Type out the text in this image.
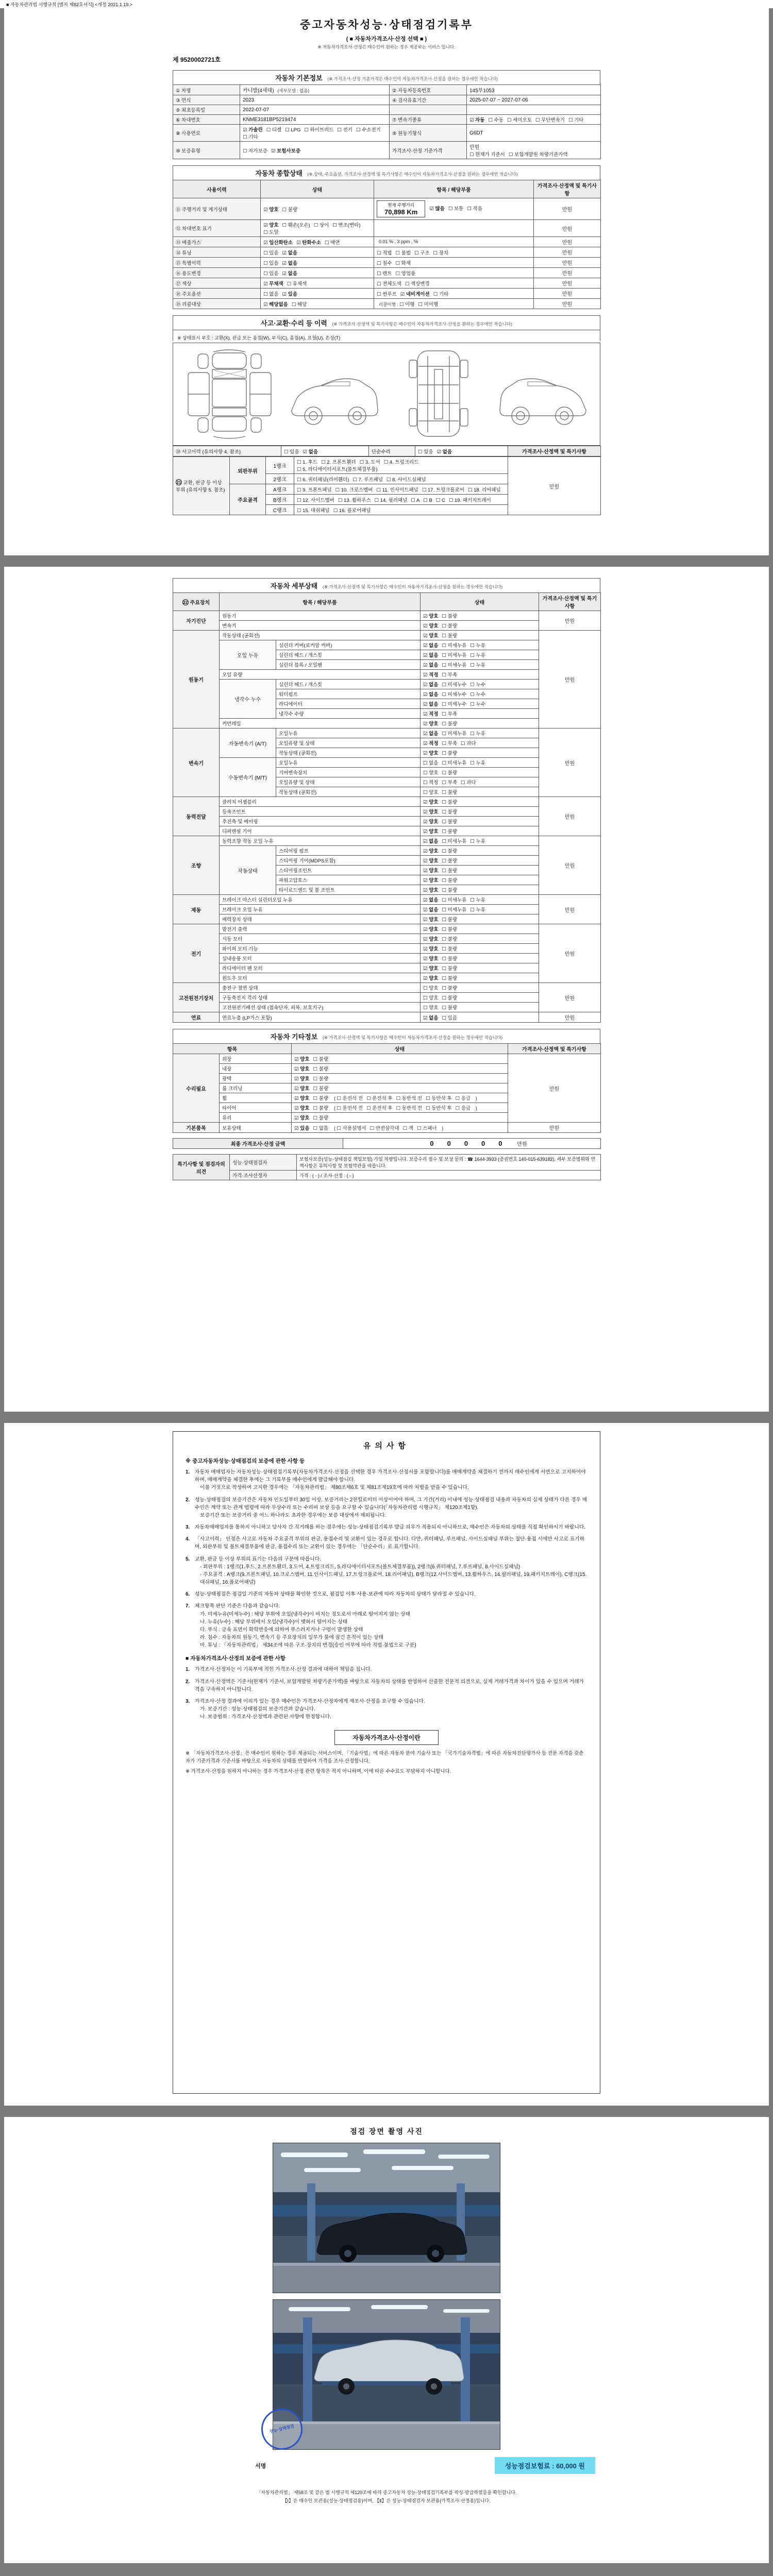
■ 자동차관리법 시행규칙 [별지 제82호서식] <개정 2021.1.19.>
중고자동차성능·상태점검기록부
( ■ 자동차가격조사·산정 선택 ■ )
※ 자동차가격조사·산정은 매수인이 원하는 경우 제공하는 서비스 입니다.
제 9520002721호
자동차 기본정보 (※ 가격조사·산정 기준가격은 매수인이 자동차가격조사·산정을 원하는 경우에만 적습니다)
① 차명	카니발(4세대) (세부모델 : 없음)	② 자동차등록번호	145부1053
③ 연식	2023	④ 검사유효기간	2025-07-07 ~ 2027-07-06
⑤ 최초등록일	2022-07-07		
⑥ 차대번호	KNME3181BP5219474	⑦ 변속기종류	☑ 자동 ☐ 수동 ☐ 세미오토 ☐ 무단변속기 ☐ 기타
⑧ 사용연료	☑ 가솔린 ☐ 디젤 ☐ LPG ☐ 하이브리드 ☐ 전기 ☐ 수소전기☐ 기타	⑨ 원동기형식	G6DT
⑩ 보증유형	☐ 자가보증 ☑ 보험사보증	가격조사·산정 기준가격	만원
☐ 현재가 기준서 ☐ 보험개발원 차량기준가액
자동차 종합상태 (※ 상태, 주요옵션, 가격조사·산정액 및 특기사항은 매수인이 자동차가격조사·산정을 원하는 경우에만 적습니다)
사용이력	상태	항목 / 해당부품	가격조사·산정액 및 특기사항
⑪ 주행거리 및 계기상태	☑ 양호 ☐ 불량	현재 주행거리
70,898 Km ☑ 많음 ☐ 보통 ☐ 적음	만원
⑫ 차대번호 표기	☑ 양호 ☐ 훼손(오손) ☐ 상이 ☐ 변조(변타)☐ 도말		만원
⑬ 배출가스	☑ 일산화탄소 ☑ 탄화수소 ☐ 매연	0.01 % , 3 ppm , %	만원
⑭ 튜닝	☐ 있음 ☑ 없음	☐ 적법 ☐ 불법 ☐ 구조 ☐ 장치	만원
⑮ 특별이력	☐ 있음 ☑ 없음	☐ 침수 ☐ 화재	만원
⑯ 용도변경	☐ 있음 ☑ 없음	☐ 렌트 ☐ 영업용	만원
⑰ 색상	☑ 무채색 ☐ 유채색	☐ 전체도색 ☐ 색상변경	만원
⑱ 주요옵션	☐ 없음 ☑ 있음	☐ 썬루프 ☑ 네비게이션 ☐ 기타	만원
⑲ 리콜대상	☑ 해당없음 ☐ 해당	리콜이행 : ☐ 이행 ☐ 미이행	만원
사고·교환·수리 등 이력 (※ 가격조사·산정액 및 특기사항은 매수인이 자동차가격조사·산정을 원하는 경우에만 적습니다)
※ 상태표시 부호 : 교환(X), 판금 또는 용접(W), 부식(C), 흠집(A), 요철(U), 손상(T)
⑳ 사고이력 (유의사항 4. 참조)	☐ 있음 ☑ 없음	단순수리	☐ 있음 ☑ 없음	가격조사·산정액 및 특기사항
21 교환, 판금 등 이상 부위 (유의사항 5. 참조)	외판부위	1랭크	☐ 1. 후드 ☐ 2. 프론트휀더 ☐ 3. 도어 ☐ 4. 트렁크리드☐ 5. 라디에이터서포트(볼트체결부품)	만원
		2랭크	☐ 6. 쿼터패널(리어휀더) ☐ 7. 루프패널 ☐ 8. 사이드실패널	
	주요골격	A랭크	☐ 9. 프론트패널 ☐ 10. 크로스멤버 ☐ 11. 인사이드패널 ☐ 17. 트렁크플로어 ☐ 18. 리어패널	
		B랭크	☐ 12. 사이드멤버 ☐ 13. 휠하우스 ☐ 14. 필러패널 ☐ A ☐ B ☐ C ☐ 19. 패키지트레이	
		C랭크	☐ 15. 대쉬패널 ☐ 16. 플로어패널	
자동차 세부상태 (※ 가격조사·산정액 및 특기사항은 매수인이 자동차가격조사·산정을 원하는 경우에만 적습니다)
22 주요장치	항목 / 해당부품		상태	가격조사·산정액 및 특기사항
자기진단	원동기		☑ 양호 ☐ 불량	만원
	변속기		☑ 양호 ☐ 불량	
원동기	작동상태 (공회전)		☑ 양호 ☐ 불량	만원
	오일 누유	실린더 커버(로커암 커버)	☑ 없음 ☐ 미세누유 ☐ 누유	
		실린더 헤드 / 개스킷	☑ 없음 ☐ 미세누유 ☐ 누유	
		실린더 블록 / 오일팬	☑ 없음 ☐ 미세누유 ☐ 누유	
	오일 유량		☑ 적정 ☐ 부족	
	냉각수 누수	실린더 헤드 / 개스킷	☑ 없음 ☐ 미세누수 ☐ 누수	
		워터펌프	☑ 없음 ☐ 미세누수 ☐ 누수	
		라디에이터	☑ 없음 ☐ 미세누수 ☐ 누수	
		냉각수 수량	☑ 적정 ☐ 부족	
	커먼레일		☑ 양호 ☐ 불량	
변속기	자동변속기 (A/T)	오일누유	☑ 없음 ☐ 미세누유 ☐ 누유	만원
		오일유량 및 상태	☑ 적정 ☐ 부족 ☐ 과다	
		작동상태 (공회전)	☑ 양호 ☐ 불량	
	수동변속기 (M/T)	오일누유	☐ 없음 ☐ 미세누유 ☐ 누유	
		기어변속장치	☐ 양호 ☐ 불량	
		오일유량 및 상태	☐ 적정 ☐ 부족 ☐ 과다	
		작동상태 (공회전)	☐ 양호 ☐ 불량	
동력전달	클러치 어셈블리		☑ 양호 ☐ 불량	만원
	등속조인트		☑ 양호 ☐ 불량	
	추진축 및 베어링		☑ 양호 ☐ 불량	
	디퍼렌셜 기어		☑ 양호 ☐ 불량	
조향	동력조향 작동 오일 누유		☑ 없음 ☐ 미세누유 ☐ 누유	만원
	작동상태	스티어링 펌프	☑ 양호 ☐ 불량	
		스티어링 기어(MDPS포함)	☑ 양호 ☐ 불량	
		스티어링조인트	☑ 양호 ☐ 불량	
		파워고압호스	☑ 양호 ☐ 불량	
		타이로드엔드 및 볼 조인트	☑ 양호 ☐ 불량	
제동	브레이크 마스터 실린더오일 누유		☑ 없음 ☐ 미세누유 ☐ 누유	만원
	브레이크 오일 누유		☑ 없음 ☐ 미세누유 ☐ 누유	
	배력장치 상태		☑ 양호 ☐ 불량	
전기	발전기 출력		☑ 양호 ☐ 불량	만원
	시동 모터		☑ 양호 ☐ 불량	
	와이퍼 모터 기능		☑ 양호 ☐ 불량	
	실내송풍 모터		☑ 양호 ☐ 불량	
	라디에이터 팬 모터		☑ 양호 ☐ 불량	
	윈도우 모터		☑ 양호 ☐ 불량	
고전원전기장치	충전구 절연 상태		☐ 양호 ☐ 불량	만원
	구동축전지 격리 상태		☐ 양호 ☐ 불량	
	고전원전기배선 상태 (접속단자, 피복, 보호기구)		☐ 양호 ☐ 불량	
연료	연료누출 (LP가스 포함)		☑ 없음 ☐ 있음	만원
자동차 기타정보 (※ 가격조사·산정액 및 특기사항은 매수인이 자동차가격조사·산정을 원하는 경우에만 적습니다)
항목		상태	가격조사·산정액 및 특기사항
수리필요	외장	☑ 양호 ☐ 불량	만원
	내장	☑ 양호 ☐ 불량	
	광택	☑ 양호 ☐ 불량	
	룸 크리닝	☑ 양호 ☐ 불량	
	휠	☑ 양호 ☐ 불량 ( ☐ 운전석 전 ☐ 운전석 후 ☐ 동반석 전 ☐ 동반석 후 ☐ 응급 )	
	타이어	☑ 양호 ☐ 불량 ( ☐ 운전석 전 ☐ 운전석 후 ☐ 동반석 전 ☐ 동반석 후 ☐ 응급 )	
	유리	☑ 양호 ☐ 불량	
기본품목	보유상태	☑ 있음 ☐ 없음 ( ☐ 사용설명서 ☐ 안전삼각대 ☐ 잭 ☐ 스패너 )	만원
최종 가격조사·산정 금액	00000 만원
특기사항 및 점검자의 의견	성능·상태점검자	보험사보증(성능·상태점검 책임보험) 가입 차량입니다. 보증수리 접수 및 보상 문의 : ☎ 1644-3933 (증권번호 140-015-639182). 세부 보증범위와 면책사항은 유의사항 및 보험약관을 따릅니다.
	가격·조사산정자	가격 : ( - ) / 조사·산정 : ( - )
유의사항
※ 중고자동차성능·상태점검의 보증에 관한 사항 등
1.	자동차 매매업자는 자동차성능·상태점검기록부(자동차가격조사·산정을 선택한 경우 가격조사·산정서를 포함합니다)를 매매계약을 체결하기 전까지 매수인에게 서면으로 고지하여야 하며, 매매계약을 체결한 후에는 그 기록부를 매수인에게 발급해야 합니다.
이를 거짓으로 작성하여 고지한 경우에는 「자동차관리법」 제80조제6호 및 제81조제19호에 따라 처벌을 받을 수 있습니다.
2.	성능·상태점검의 보증기간은 자동차 인도일부터 30일 이상, 보증거리는 2천킬로미터 이상이어야 하며, 그 기간(거리) 이내에 성능·상태점검 내용과 자동차의 실제 상태가 다른 경우 매수인은 계약 또는 관계 법령에 따라 무상수리 또는 수리비 보상 등을 요구할 수 있습니다(「자동차관리법 시행규칙」 제120조제1항).
보증기간 또는 보증거리 중 어느 하나라도 초과한 경우에는 보증 대상에서 제외됩니다.
3.	자동차매매업자를 통하지 아니하고 당사자 간 직거래를 하는 경우에는 성능·상태점검기록부 발급 의무가 적용되지 아니하므로, 매수인은 자동차의 상태를 직접 확인하시기 바랍니다.
4.	「사고이력」 인정은 사고로 자동차 주요골격 부위의 판금, 용접수리 및 교환이 있는 경우로 합니다. 다만, 쿼터패널, 루프패널, 사이드실패널 부위는 절단·용접 시에만 사고로 표기하며, 외판부위 및 볼트체결부품에 판금, 용접수리 또는 교환이 있는 경우에는 「단순수리」로 표기합니다.
5.	교환, 판금 등 이상 부위의 표기는 다음의 구분에 따릅니다.
- 외판부위 : 1랭크(1.후드, 2.프론트휀더, 3.도어, 4.트렁크리드, 5.라디에이터서포트(볼트체결부품)), 2랭크(6.쿼터패널, 7.루프패널, 8.사이드실패널)
- 주요골격 : A랭크(9.프론트패널, 10.크로스멤버, 11.인사이드패널, 17.트렁크플로어, 18.리어패널), B랭크(12.사이드멤버, 13.휠하우스, 14.필러패널, 19.패키지트레이), C랭크(15.대쉬패널, 16.플로어패널)
6.	성능·상태점검은 점검일 기준의 자동차 상태를 확인한 것으로, 점검일 이후 사용·보관에 따라 자동차의 상태가 달라질 수 있습니다.
7.	체크항목 판단 기준은 다음과 같습니다.
가. 미세누유(미세누수) : 해당 부위에 오일(냉각수)이 비치는 정도로서 아래로 떨어지지 않는 상태
나. 누유(누수) : 해당 부위에서 오일(냉각수)이 맺혀서 떨어지는 상태
다. 부식 : 금속 표면이 화학반응에 의하여 부스러지거나 구멍이 발생한 상태
라. 침수 : 자동차의 원동기, 변속기 등 주요장치의 일부가 물에 잠긴 흔적이 있는 상태
마. 튜닝 : 「자동차관리법」 제34조에 따른 구조·장치의 변경(승인 여부에 따라 적법·불법으로 구분)
■ 자동차가격조사·산정의 보증에 관한 사항
1.	가격조사·산정자는 이 기록부에 적힌 가격조사·산정 결과에 대하여 책임을 집니다.
2.	가격조사·산정액은 기준서(현재가 기준서, 보험개발원 차량기준가액)를 바탕으로 자동차의 상태를 반영하여 산출한 전문적 의견으로, 실제 거래가격과 차이가 있을 수 있으며 거래가격을 구속하지 아니합니다.
3.	가격조사·산정 결과에 이의가 있는 경우 매수인은 가격조사·산정자에게 재조사·산정을 요구할 수 있습니다.
가. 보증기간 : 성능·상태점검의 보증기간과 같습니다.
나. 보증범위 : 가격조사·산정액과 관련된 사항에 한정합니다.
자동차가격조사·산정이란
※ 「자동차가격조사·산정」은 매수인이 원하는 경우 제공되는 서비스이며, 「기술사법」에 따른 자동차 분야 기술사 또는 「국가기술자격법」에 따른 자동차진단평가사 등 전문 자격을 갖춘 자가 기준가격과 기준서를 바탕으로 자동차의 상태를 반영하여 가격을 조사·산정합니다.
※ 가격조사·산정을 원하지 아니하는 경우 가격조사·산정 관련 항목은 적지 아니하며, 이에 따른 수수료도 부담하지 아니합니다.
점검 장면 촬영 사진
성능·상태점검
서명	성능점검보험료 : 60,000 원
「자동차관리법」 제58조 및 같은 법 시행규칙 제120조에 따라 중고자동차 성능·상태점검기록부를 작성·발급하였음을 확인합니다.
【Ⅰ】은 매수인 보관용(성능·상태점검용)이며, 【Ⅱ】은 성능·상태점검자 보관용(가격조사·산정용)입니다.
